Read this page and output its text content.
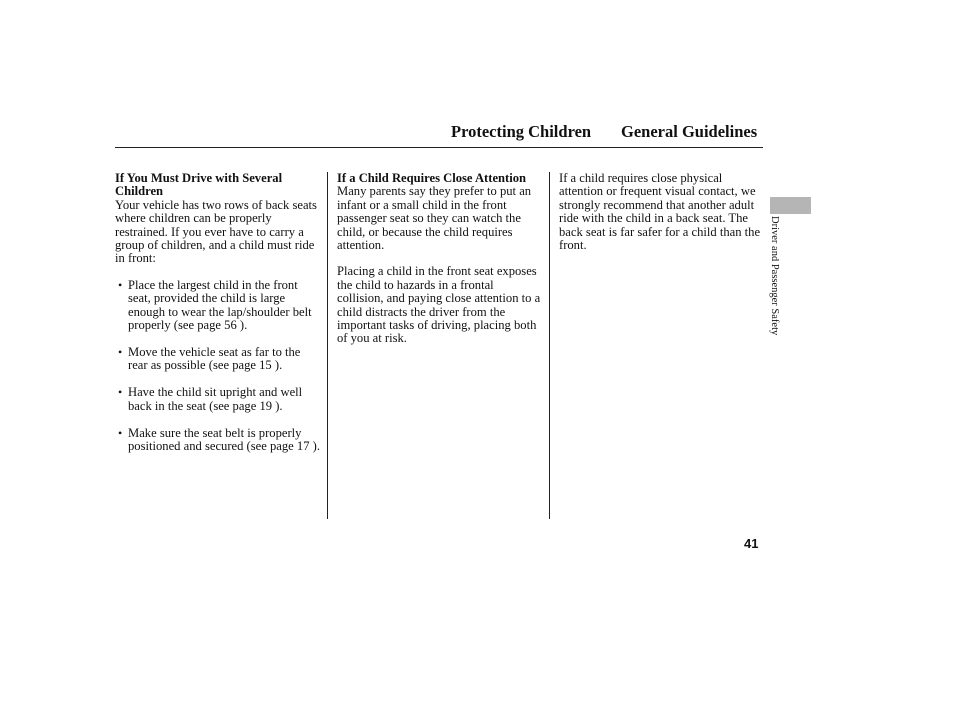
Protecting Children General Guidelines
If You Must Drive with Several Children

Your vehicle has two rows of back seats where children can be properly restrained. If you ever have to carry a group of children, and a child must ride in front:

• Place the largest child in the front seat, provided the child is large enough to wear the lap/shoulder belt properly (see page 56 ).
• Move the vehicle seat as far to the rear as possible (see page 15 ).
• Have the child sit upright and well back in the seat (see page 19 ).
• Make sure the seat belt is properly positioned and secured (see page 17 ).
If a Child Requires Close Attention

Many parents say they prefer to put an infant or a small child in the front passenger seat so they can watch the child, or because the child requires attention.

Placing a child in the front seat exposes the child to hazards in a frontal collision, and paying close attention to a child distracts the driver from the important tasks of driving, placing both of you at risk.

If a child requires close physical attention or frequent visual contact, we strongly recommend that another adult ride with the child in a back seat. The back seat is far safer for a child than the front.	Driver and Passenger Safety
41
